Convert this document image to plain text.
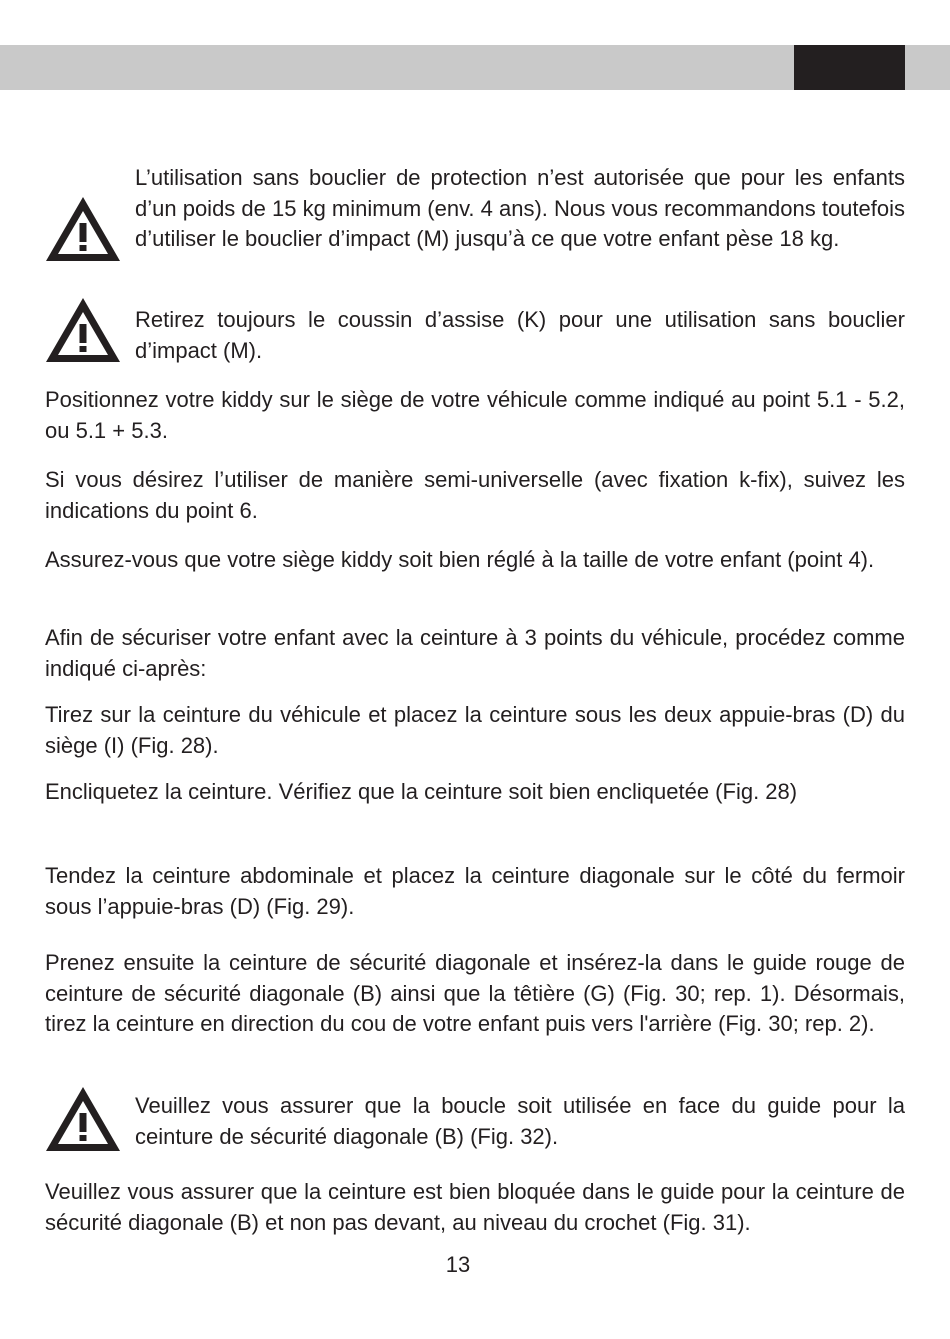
L’utilisation sans bouclier de protection n’est autorisée que pour les enfants d’un poids de 15 kg minimum (env. 4 ans). Nous vous recommandons toutefois d’utiliser le bouclier d’impact (M) jusqu’à ce que votre enfant pèse 18 kg.

Retirez toujours le coussin d’assise (K) pour une utilisation sans bouclier d’impact (M).

Positionnez votre kiddy sur le siège de votre véhicule comme indiqué au point 5.1 - 5.2, ou 5.1 + 5.3.

Si vous désirez l’utiliser de manière semi-universelle (avec fixation k-fix), suivez les indications du point 6.

Assurez-vous que votre siège kiddy soit bien réglé à la taille de votre enfant (point 4).

Afin de sécuriser votre enfant avec la ceinture à 3 points du véhicule, procédez comme indiqué ci-après:

Tirez sur la ceinture du véhicule et placez la ceinture sous les deux appuie-bras (D) du siège (I) (Fig. 28).

Encliquetez la ceinture. Vérifiez que la ceinture soit bien encliquetée (Fig. 28)

Tendez la ceinture abdominale et placez la ceinture diagonale sur le côté du fermoir sous l’appuie-bras (D) (Fig. 29).

Prenez ensuite la ceinture de sécurité diagonale et insérez-la dans le guide rouge de ceinture de sécurité diagonale (B) ainsi que la têtière (G) (Fig. 30; rep. 1). Désormais, tirez la ceinture en direction du cou de votre enfant puis vers l'arrière (Fig. 30; rep. 2).

Veuillez vous assurer que la boucle soit utilisée en face du guide pour la ceinture de sécurité diagonale (B) (Fig. 32).

Veuillez vous assurer que la ceinture est bien bloquée dans le guide pour la ceinture de sécurité diagonale (B) et non pas devant, au niveau du crochet (Fig. 31).

13
